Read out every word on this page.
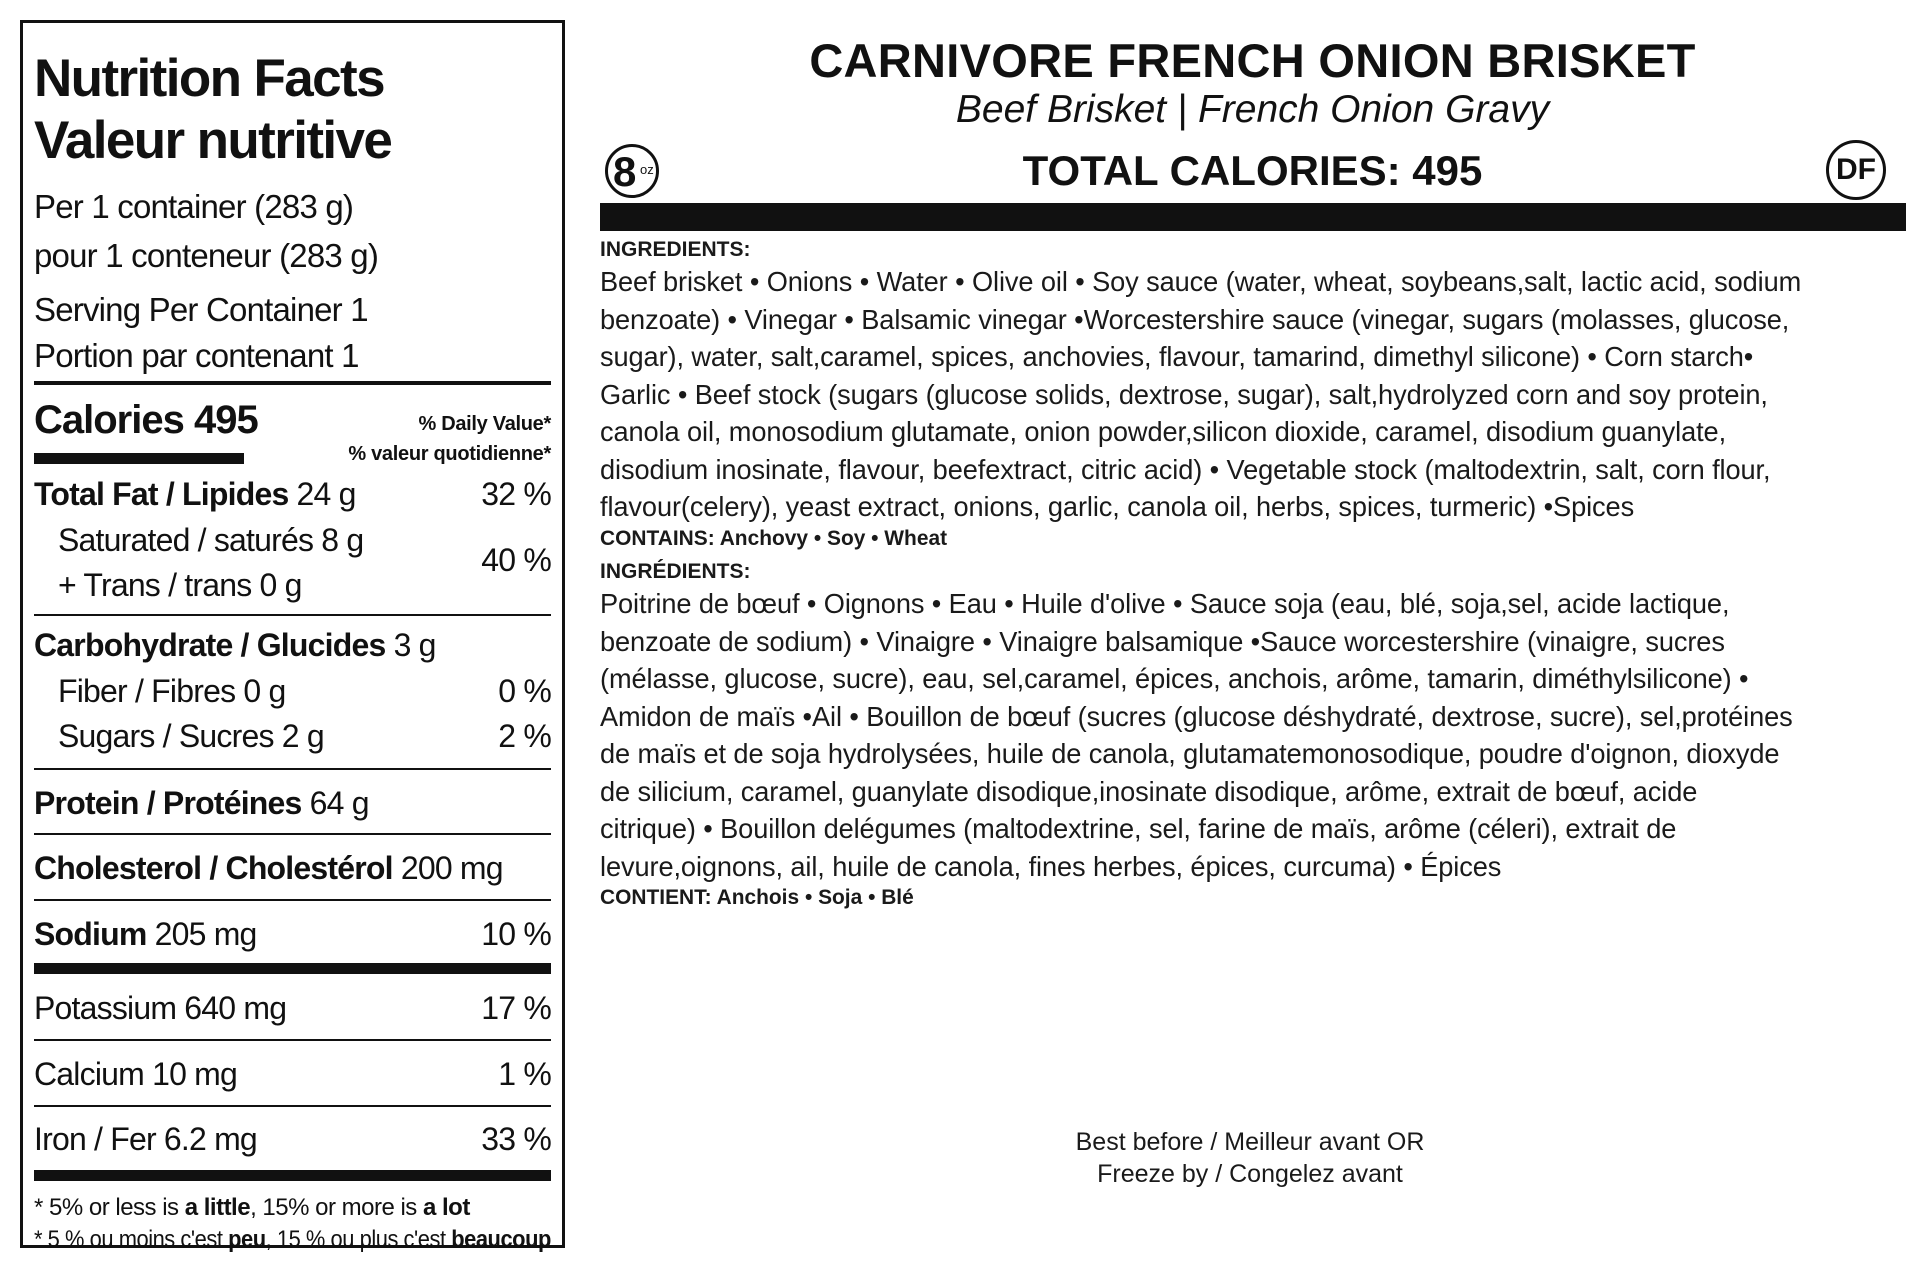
Nutrition Facts
Valeur nutritive
Per 1 container (283 g)
pour 1 conteneur (283 g)
Serving Per Container 1
Portion par contenant 1
Calories 495	% Daily Value*
% valeur quotidienne*
Total Fat / Lipides 24 g	32 %
Saturated / saturés 8 g
40 %
+ Trans / trans 0 g
Carbohydrate / Glucides 3 g
Fiber / Fibres 0 g	0 %
Sugars / Sucres 2 g	2 %
Protein / Protéines 64 g
Cholesterol / Cholestérol 200 mg
Sodium 205 mg	10 %
Potassium 640 mg	17 %
Calcium 10 mg	1 %
Iron / Fer 6.2 mg	33 %
* 5% or less is a little, 15% or more is a lot
* 5 % ou moins c'est peu, 15 % ou plus c'est beaucoup
CARNIVORE FRENCH ONION BRISKET
Beef Brisket | French Onion Gravy
TOTAL CALORIES: 495
8 oz	DF
INGREDIENTS:
Beef brisket • Onions • Water • Olive oil • Soy sauce (water, wheat, soybeans,salt, lactic acid, sodium
benzoate) • Vinegar • Balsamic vinegar •Worcestershire sauce (vinegar, sugars (molasses, glucose,
sugar), water, salt,caramel, spices, anchovies, flavour, tamarind, dimethyl silicone) • Corn starch•
Garlic • Beef stock (sugars (glucose solids, dextrose, sugar), salt,hydrolyzed corn and soy protein,
canola oil, monosodium glutamate, onion powder,silicon dioxide, caramel, disodium guanylate,
disodium inosinate, flavour, beefextract, citric acid) • Vegetable stock (maltodextrin, salt, corn flour,
flavour(celery), yeast extract, onions, garlic, canola oil, herbs, spices, turmeric) •Spices
CONTAINS: Anchovy • Soy • Wheat
INGRÉDIENTS:
Poitrine de bœuf • Oignons • Eau • Huile d'olive • Sauce soja (eau, blé, soja,sel, acide lactique,
benzoate de sodium) • Vinaigre • Vinaigre balsamique •Sauce worcestershire (vinaigre, sucres
(mélasse, glucose, sucre), eau, sel,caramel, épices, anchois, arôme, tamarin, diméthylsilicone) •
Amidon de maïs •Ail • Bouillon de bœuf (sucres (glucose déshydraté, dextrose, sucre), sel,protéines
de maïs et de soja hydrolysées, huile de canola, glutamatemonosodique, poudre d'oignon, dioxyde
de silicium, caramel, guanylate disodique,inosinate disodique, arôme, extrait de bœuf, acide
citrique) • Bouillon delégumes (maltodextrine, sel, farine de maïs, arôme (céleri), extrait de
levure,oignons, ail, huile de canola, fines herbes, épices, curcuma) • Épices
CONTIENT: Anchois • Soja • Blé
Best before / Meilleur avant OR
Freeze by / Congelez avant
